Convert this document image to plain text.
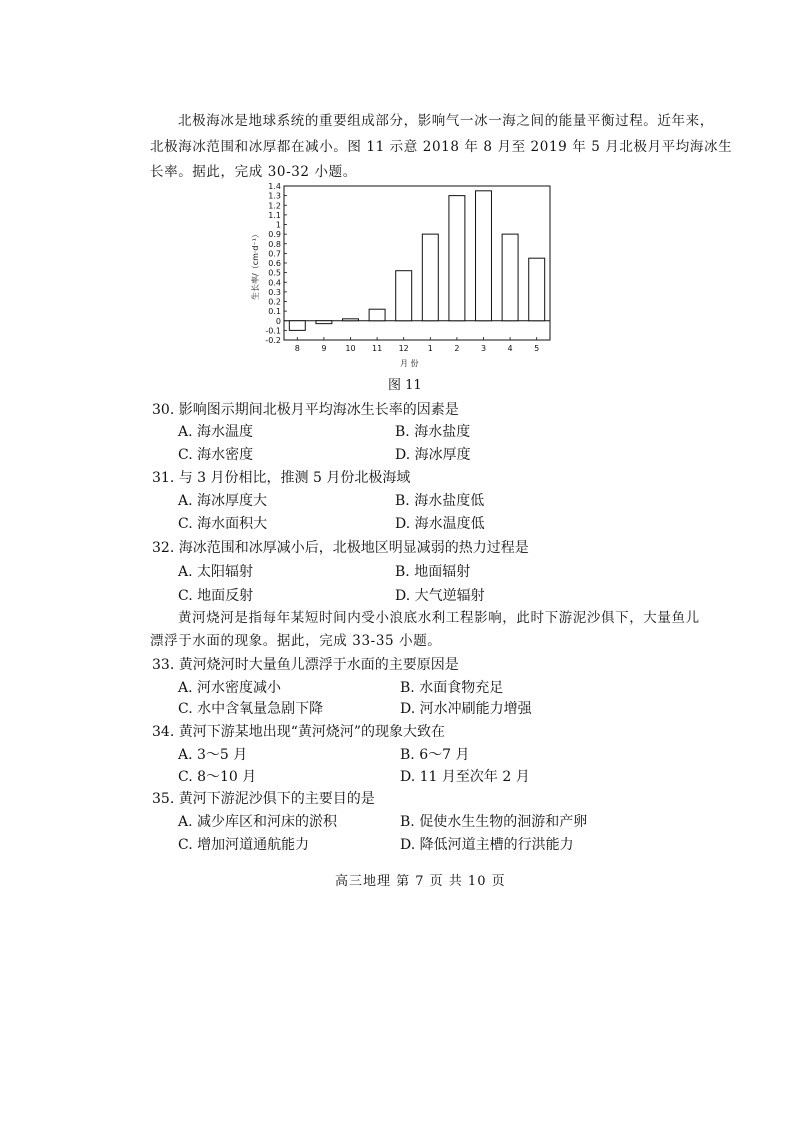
北极海冰是地球系统的重要组成部分，影响气一冰一海之间的能量平衡过程。近年来，
北极海冰范围和冰厚都在减小。图 11 示意 2018 年 8 月至 2019 年 5 月北极月平均海冰生
长率。据此，完成 30-32 小题。
1.4
1.3
1.2
1.1
1
0.9
0.8
0.7
0.6
0.5
0.4
0.3
0.2
0.1
0
-0.1
-0.2
8	9 10 11 12 1	2	3	4	5
生长率/（cm·d⁻¹）
月 份
图 11
30. 影响图示期间北极月平均海冰生长率的因素是
A. 海水温度	B. 海水盐度
C. 海水密度	D. 海冰厚度
31. 与 3 月份相比，推测 5 月份北极海域
A. 海冰厚度大	B. 海水盐度低
C. 海水面积大	D. 海水温度低
32. 海冰范围和冰厚减小后，北极地区明显减弱的热力过程是
A. 太阳辐射	B. 地面辐射
C. 地面反射	D. 大气逆辐射
黄河烧河是指每年某短时间内受小浪底水利工程影响，此时下游泥沙俱下，大量鱼儿
漂浮于水面的现象。据此，完成 33-35 小题。
33. 黄河烧河时大量鱼儿漂浮于水面的主要原因是
A. 河水密度减小	B. 水面食物充足
C. 水中含氧量急剧下降	D. 河水冲刷能力增强
34. 黄河下游某地出现“黄河烧河”的现象大致在
A. 3～5 月	B. 6～7 月
C. 8～10 月	D. 11 月至次年 2 月
35. 黄河下游泥沙俱下的主要目的是
A. 减少库区和河床的淤积	B. 促使水生生物的洄游和产卵
C. 增加河道通航能力	D. 降低河道主槽的行洪能力
高三地理 第 7 页 共 10 页
